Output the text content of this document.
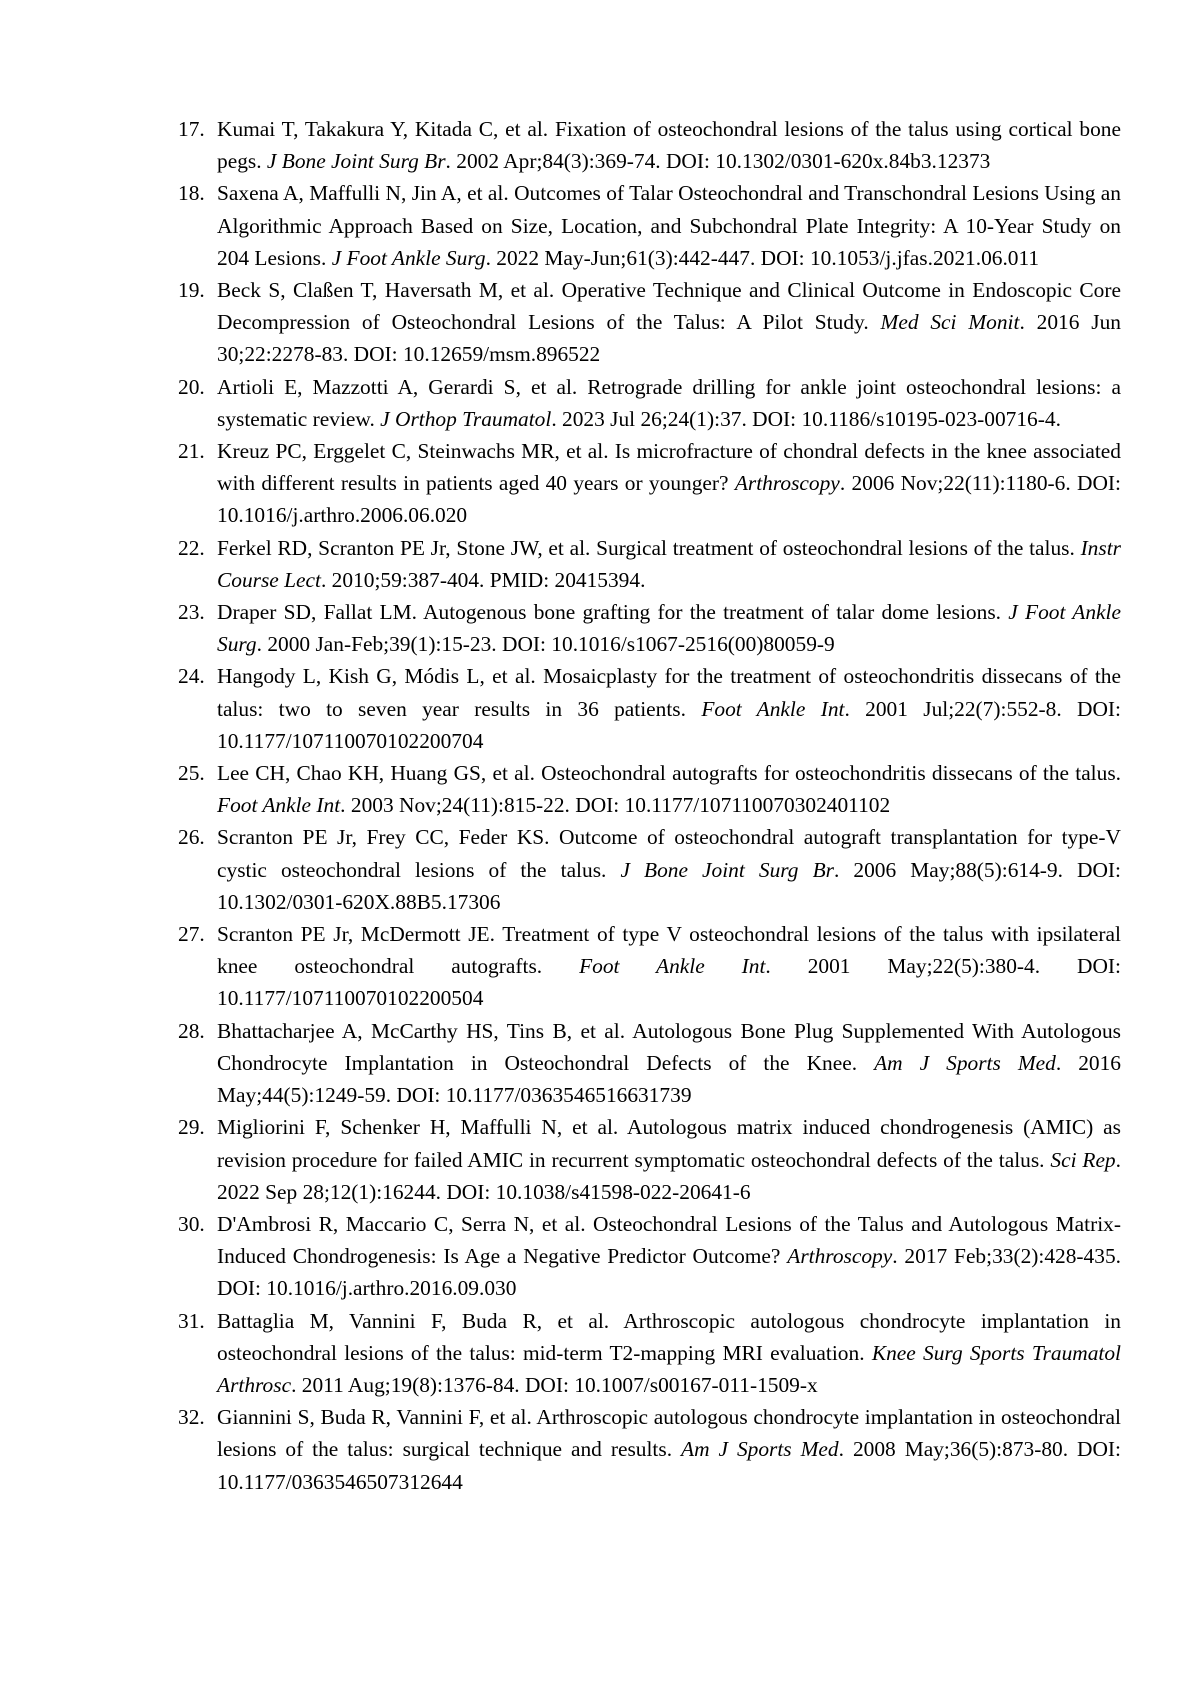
17. Kumai T, Takakura Y, Kitada C, et al. Fixation of osteochondral lesions of the talus using cortical bone pegs. J Bone Joint Surg Br. 2002 Apr;84(3):369-74. DOI: 10.1302/0301-620x.84b3.12373
18. Saxena A, Maffulli N, Jin A, et al. Outcomes of Talar Osteochondral and Transchondral Lesions Using an Algorithmic Approach Based on Size, Location, and Subchondral Plate Integrity: A 10-Year Study on 204 Lesions. J Foot Ankle Surg. 2022 May-Jun;61(3):442-447. DOI: 10.1053/j.jfas.2021.06.011
19. Beck S, Claßen T, Haversath M, et al. Operative Technique and Clinical Outcome in Endoscopic Core Decompression of Osteochondral Lesions of the Talus: A Pilot Study. Med Sci Monit. 2016 Jun 30;22:2278-83. DOI: 10.12659/msm.896522
20. Artioli E, Mazzotti A, Gerardi S, et al. Retrograde drilling for ankle joint osteochondral lesions: a systematic review. J Orthop Traumatol. 2023 Jul 26;24(1):37. DOI: 10.1186/s10195-023-00716-4.
21. Kreuz PC, Erggelet C, Steinwachs MR, et al. Is microfracture of chondral defects in the knee associated with different results in patients aged 40 years or younger? Arthroscopy. 2006 Nov;22(11):1180-6. DOI: 10.1016/j.arthro.2006.06.020
22. Ferkel RD, Scranton PE Jr, Stone JW, et al. Surgical treatment of osteochondral lesions of the talus. Instr Course Lect. 2010;59:387-404. PMID: 20415394.
23. Draper SD, Fallat LM. Autogenous bone grafting for the treatment of talar dome lesions. J Foot Ankle Surg. 2000 Jan-Feb;39(1):15-23. DOI: 10.1016/s1067-2516(00)80059-9
24. Hangody L, Kish G, Módis L, et al. Mosaicplasty for the treatment of osteochondritis dissecans of the talus: two to seven year results in 36 patients. Foot Ankle Int. 2001 Jul;22(7):552-8. DOI: 10.1177/107110070102200704
25. Lee CH, Chao KH, Huang GS, et al. Osteochondral autografts for osteochondritis dissecans of the talus. Foot Ankle Int. 2003 Nov;24(11):815-22. DOI: 10.1177/107110070302401102
26. Scranton PE Jr, Frey CC, Feder KS. Outcome of osteochondral autograft transplantation for type-V cystic osteochondral lesions of the talus. J Bone Joint Surg Br. 2006 May;88(5):614-9. DOI: 10.1302/0301-620X.88B5.17306
27. Scranton PE Jr, McDermott JE. Treatment of type V osteochondral lesions of the talus with ipsilateral knee osteochondral autografts. Foot Ankle Int. 2001 May;22(5):380-4. DOI: 10.1177/107110070102200504
28. Bhattacharjee A, McCarthy HS, Tins B, et al. Autologous Bone Plug Supplemented With Autologous Chondrocyte Implantation in Osteochondral Defects of the Knee. Am J Sports Med. 2016 May;44(5):1249-59. DOI: 10.1177/0363546516631739
29. Migliorini F, Schenker H, Maffulli N, et al. Autologous matrix induced chondrogenesis (AMIC) as revision procedure for failed AMIC in recurrent symptomatic osteochondral defects of the talus. Sci Rep. 2022 Sep 28;12(1):16244. DOI: 10.1038/s41598-022-20641-6
30. D'Ambrosi R, Maccario C, Serra N, et al. Osteochondral Lesions of the Talus and Autologous Matrix-Induced Chondrogenesis: Is Age a Negative Predictor Outcome? Arthroscopy. 2017 Feb;33(2):428-435. DOI: 10.1016/j.arthro.2016.09.030
31. Battaglia M, Vannini F, Buda R, et al. Arthroscopic autologous chondrocyte implantation in osteochondral lesions of the talus: mid-term T2-mapping MRI evaluation. Knee Surg Sports Traumatol Arthrosc. 2011 Aug;19(8):1376-84. DOI: 10.1007/s00167-011-1509-x
32. Giannini S, Buda R, Vannini F, et al. Arthroscopic autologous chondrocyte implantation in osteochondral lesions of the talus: surgical technique and results. Am J Sports Med. 2008 May;36(5):873-80. DOI: 10.1177/0363546507312644
